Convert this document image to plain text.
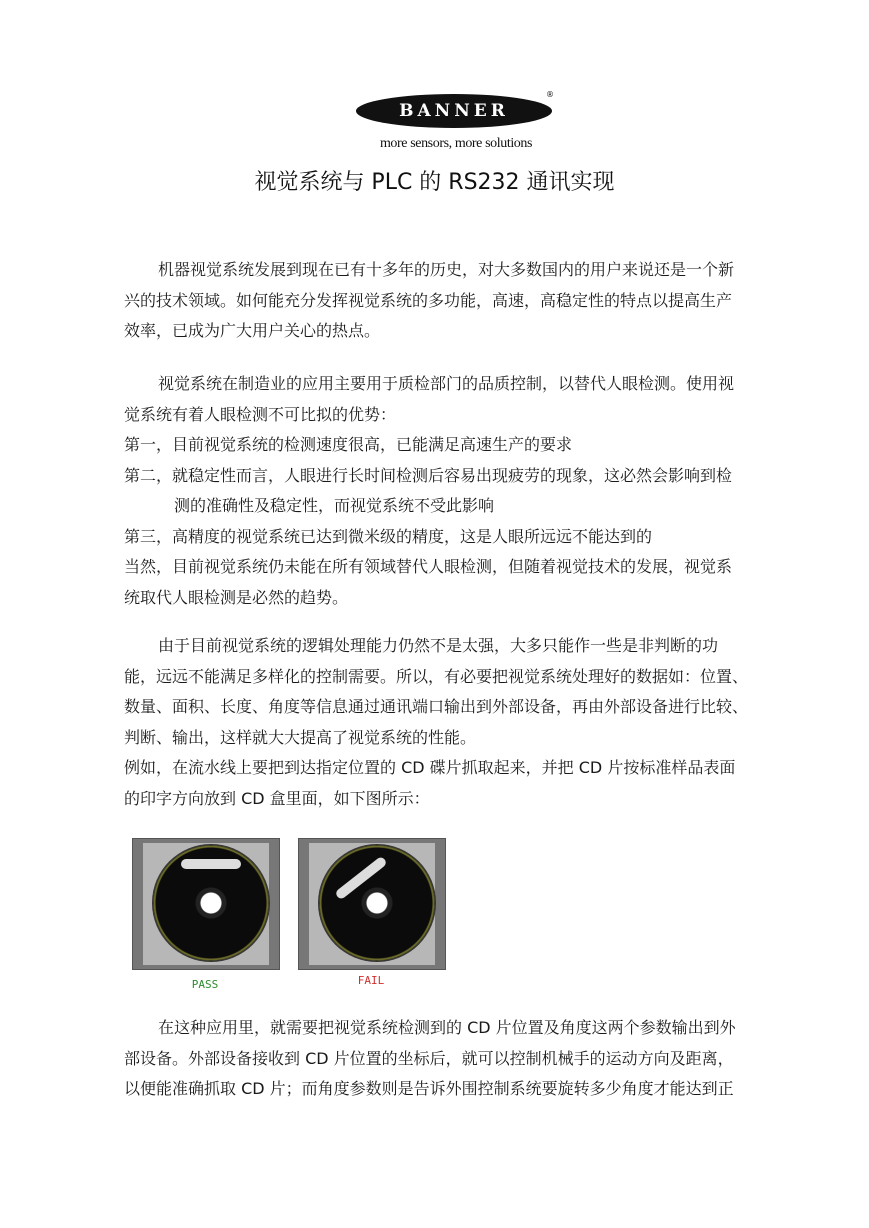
BANNER
®
more sensors, more solutions
视觉系统与 PLC 的 RS232 通讯实现
机器视觉系统发展到现在已有十多年的历史，对大多数国内的用户来说还是一个新
兴的技术领域。如何能充分发挥视觉系统的多功能，高速，高稳定性的特点以提高生产
效率，已成为广大用户关心的热点。
视觉系统在制造业的应用主要用于质检部门的品质控制，以替代人眼检测。使用视
觉系统有着人眼检测不可比拟的优势：
第一，目前视觉系统的检测速度很高，已能满足高速生产的要求
第二，就稳定性而言，人眼进行长时间检测后容易出现疲劳的现象，这必然会影响到检
测的准确性及稳定性，而视觉系统不受此影响
第三，高精度的视觉系统已达到微米级的精度，这是人眼所远远不能达到的
当然，目前视觉系统仍未能在所有领域替代人眼检测，但随着视觉技术的发展，视觉系
统取代人眼检测是必然的趋势。
由于目前视觉系统的逻辑处理能力仍然不是太强，大多只能作一些是非判断的功
能，远远不能满足多样化的控制需要。所以，有必要把视觉系统处理好的数据如：位置、
数量、面积、长度、角度等信息通过通讯端口输出到外部设备，再由外部设备进行比较、
判断、输出，这样就大大提高了视觉系统的性能。
例如，在流水线上要把到达指定位置的 CD 碟片抓取起来，并把 CD 片按标准样品表面
的印字方向放到 CD 盒里面，如下图所示：
PASS	FAIL
在这种应用里，就需要把视觉系统检测到的 CD 片位置及角度这两个参数输出到外
部设备。外部设备接收到 CD 片位置的坐标后，就可以控制机械手的运动方向及距离，
以便能准确抓取 CD 片；而角度参数则是告诉外围控制系统要旋转多少角度才能达到正
